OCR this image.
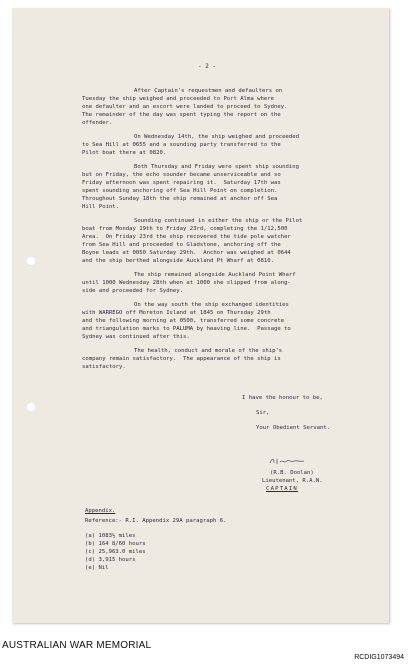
- 2 -
After Captain's requestmen and defaulters on
Tuesday the ship weighed and proceeded to Port Alma where
one defaulter and an escort were landed to proceed to Sydney.
The remainder of the day was spent typing the report on the
offender.
On Wednesday 14th, the ship weighed and proceeded
to Sea Hill at 0655 and a sounding party transferred to the
Pilot boat there at 0820.
Both Thursday and Friday were spent ship sounding
but on Friday, the echo sounder became unserviceable and so
Friday afternoon was spent repairing it.  Saturday 17th was
spent sounding anchoring off Sea Hill Point on completion.
Throughout Sunday 18th the ship remained at anchor off Sea
Hill Point.
Sounding continued in either the ship or the Pilot
boat from Monday 19th to Friday 23rd, completing the 1/12,500
Area.  On Friday 23rd the ship recovered the tide pole watcher
from Sea Hill and proceeded to Gladstone, anchoring off the
Boyne leads at 0050 Saturday 29th.  Anchor was weighed at 0644
and the ship berthed alongside Auckland Pt Wharf at 0810.
The ship remained alongside Auckland Point Wharf
until 1000 Wednesday 28th when at 1000 she slipped from along-
side and proceeded for Sydney.
On the way south the ship exchanged identities
with WARREGO off Moreton Island at 1845 on Thursday 29th
and the following morning at 0500, transferred some concrete
and triangulation marks to PALUMA by heaving line.  Passage to
Sydney was continued after this.
The health, conduct and morale of the ship's
company remain satisfactory.  The appearance of the ship is
satisfactory.
I have the honour to be,
Sir,
Your Obedient Servant.
(R.B. Doolan)
Lieutenant, R.A.N.
CAPTAIN
Appendix.
Reference:- R.I. Appendix 29A paragraph 6.
(a) 1083½ miles
(b) 164 8/60 hours
(c) 25,963.0 miles
(d) 3,915 hours
(e) Nil
AUSTRALIAN WAR MEMORIAL
RCDIG1073494
